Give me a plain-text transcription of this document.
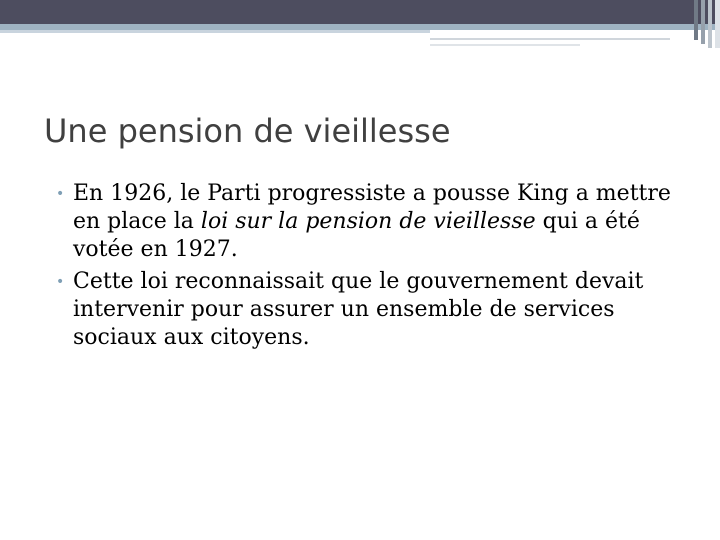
Une pension de vieillesse
• En 1926, le Parti progressiste a pousse King a mettre en place la loi sur la pension de vieillesse qui a été votée en 1927.
• Cette loi reconnaissait que le gouvernement devait intervenir pour assurer un ensemble de services sociaux aux citoyens.
